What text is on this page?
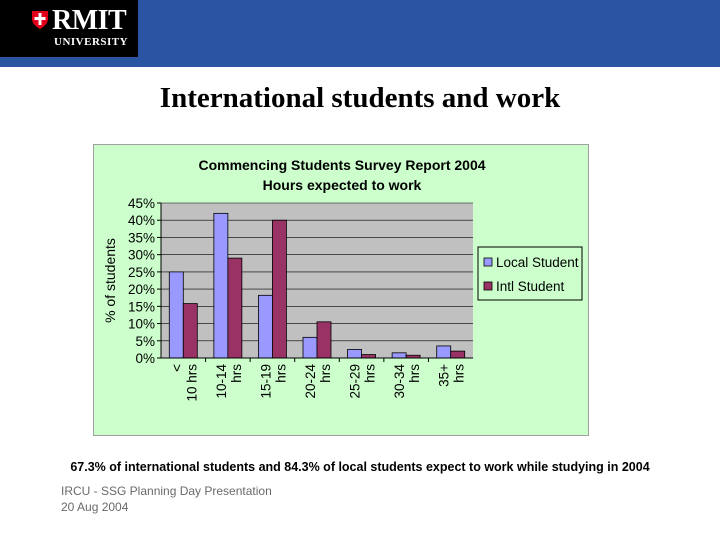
RMIT
UNIVERSITY
International students and work
Commencing Students Survey Report 2004
Hours expected to work
0%
5%
10%
15%
20%
25%
30%
35%
40%
45%
< 10 hrs 10-14 hrs 15-19 hrs 20-24 hrs 25-29 hrs 30-34 hrs 35+ hrs
% of students	Local Student
Intl Student
67.3% of international students and 84.3% of local students expect to work while studying in 2004
IRCU - SSG Planning Day Presentation
20 Aug 2004
